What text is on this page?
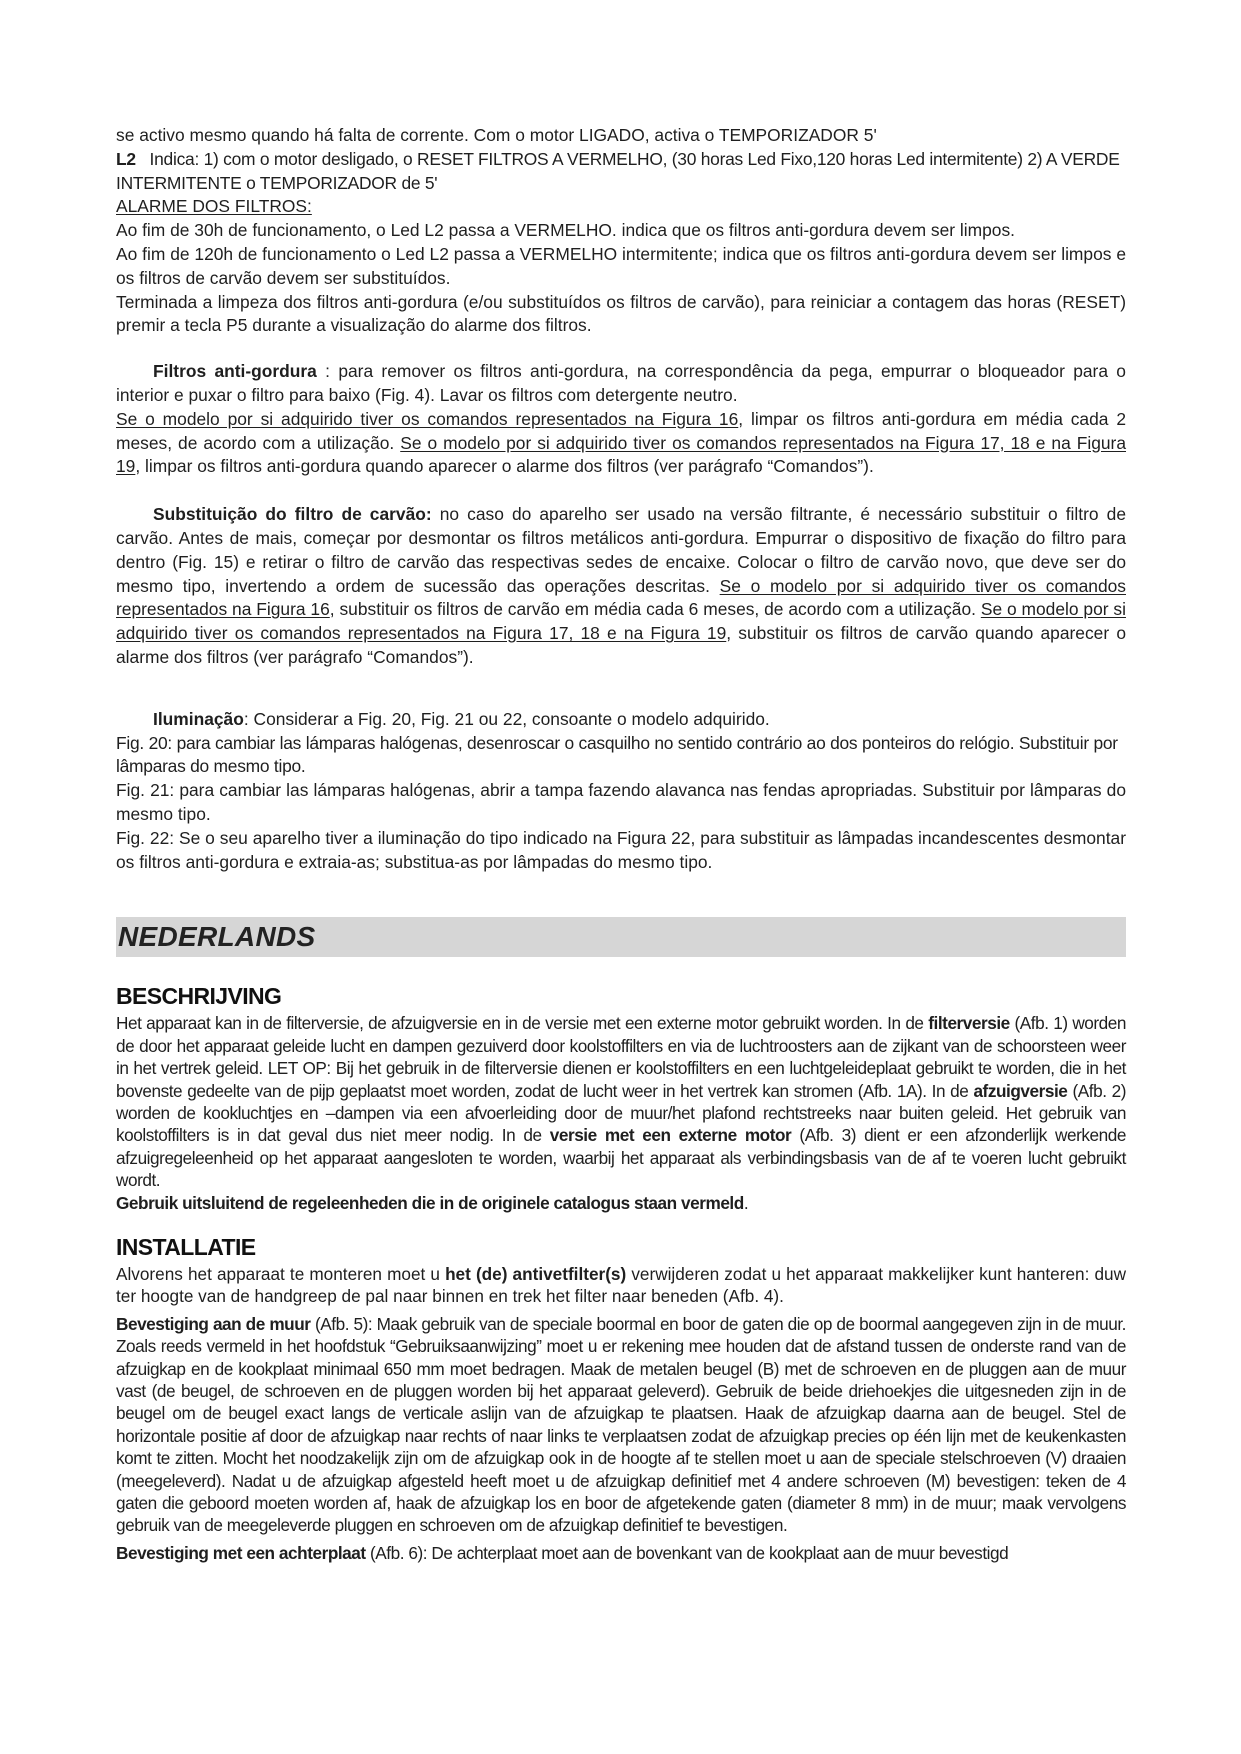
se activo mesmo quando há falta de corrente. Com o motor LIGADO, activa o TEMPORIZADOR 5'

L2 Indica: 1) com o motor desligado, o RESET FILTROS A VERMELHO, (30 horas Led Fixo,120 horas Led intermitente) 2) A VERDE INTERMITENTE o TEMPORIZADOR de 5'

ALARME DOS FILTROS:

Ao fim de 30h de funcionamento, o Led L2 passa a VERMELHO. indica que os filtros anti-gordura devem ser limpos.

Ao fim de 120h de funcionamento o Led L2 passa a VERMELHO intermitente; indica que os filtros anti-gordura devem ser limpos e os filtros de carvão devem ser substituídos.

Terminada a limpeza dos filtros anti-gordura (e/ou substituídos os filtros de carvão), para reiniciar a contagem das horas (RESET) premir a tecla P5 durante a visualização do alarme dos filtros.

Filtros anti-gordura : para remover os filtros anti-gordura, na correspondência da pega, empurrar o bloqueador para o interior e puxar o filtro para baixo (Fig. 4). Lavar os filtros com detergente neutro.
Se o modelo por si adquirido tiver os comandos representados na Figura 16, limpar os filtros anti-gordura em média cada 2 meses, de acordo com a utilização. Se o modelo por si adquirido tiver os comandos representados na Figura 17, 18 e na Figura 19, limpar os filtros anti-gordura quando aparecer o alarme dos filtros (ver parágrafo “Comandos”).

Substituição do filtro de carvão: no caso do aparelho ser usado na versão filtrante, é necessário substituir o filtro de carvão. Antes de mais, começar por desmontar os filtros metálicos anti-gordura. Empurrar o dispositivo de fixação do filtro para dentro (Fig. 15) e retirar o filtro de carvão das respectivas sedes de encaixe. Colocar o filtro de carvão novo, que deve ser do mesmo tipo, invertendo a ordem de sucessão das operações descritas. Se o modelo por si adquirido tiver os comandos representados na Figura 16, substituir os filtros de carvão em média cada 6 meses, de acordo com a utilização. Se o modelo por si adquirido tiver os comandos representados na Figura 17, 18 e na Figura 19, substituir os filtros de carvão quando aparecer o alarme dos filtros (ver parágrafo “Comandos”).

Iluminação: Considerar a Fig. 20, Fig. 21 ou 22, consoante o modelo adquirido.

Fig. 20: para cambiar las lámparas halógenas, desenroscar o casquilho no sentido contrário ao dos ponteiros do relógio. Substituir por lâmparas do mesmo tipo.

Fig. 21: para cambiar las lámparas halógenas, abrir a tampa fazendo alavanca nas fendas apropriadas. Substituir por lâmparas do mesmo tipo.

Fig. 22: Se o seu aparelho tiver a iluminação do tipo indicado na Figura 22, para substituir as lâmpadas incandescentes desmontar os filtros anti-gordura e extraia-as; substitua-as por lâmpadas do mesmo tipo.

NEDERLANDS
BESCHRIJVING

Het apparaat kan in de filterversie, de afzuigversie en in de versie met een externe motor gebruikt worden. In de filterversie (Afb. 1) worden de door het apparaat geleide lucht en dampen gezuiverd door koolstoffilters en via de luchtroosters aan de zijkant van de schoorsteen weer in het vertrek geleid. LET OP: Bij het gebruik in de filterversie dienen er koolstoffilters en een luchtgeleideplaat gebruikt te worden, die in het bovenste gedeelte van de pijp geplaatst moet worden, zodat de lucht weer in het vertrek kan stromen (Afb. 1A). In de afzuigversie (Afb. 2) worden de kookluchtjes en –dampen via een afvoerleiding door de muur/het plafond rechtstreeks naar buiten geleid. Het gebruik van koolstoffilters is in dat geval dus niet meer nodig. In de versie met een externe motor (Afb. 3) dient er een afzonderlijk werkende afzuigregeleenheid op het apparaat aangesloten te worden, waarbij het apparaat als verbindingsbasis van de af te voeren lucht gebruikt wordt.
Gebruik uitsluitend de regeleenheden die in de originele catalogus staan vermeld.

INSTALLATIE

Alvorens het apparaat te monteren moet u het (de) antivetfilter(s) verwijderen zodat u het apparaat makkelijker kunt hanteren: duw ter hoogte van de handgreep de pal naar binnen en trek het filter naar beneden (Afb. 4).

Bevestiging aan de muur (Afb. 5): Maak gebruik van de speciale boormal en boor de gaten die op de boormal aangegeven zijn in de muur. Zoals reeds vermeld in het hoofdstuk “Gebruiksaanwijzing” moet u er rekening mee houden dat de afstand tussen de onderste rand van de afzuigkap en de kookplaat minimaal 650 mm moet bedragen. Maak de metalen beugel (B) met de schroeven en de pluggen aan de muur vast (de beugel, de schroeven en de pluggen worden bij het apparaat geleverd). Gebruik de beide driehoekjes die uitgesneden zijn in de beugel om de beugel exact langs de verticale aslijn van de afzuigkap te plaatsen. Haak de afzuigkap daarna aan de beugel. Stel de horizontale positie af door de afzuigkap naar rechts of naar links te verplaatsen zodat de afzuigkap precies op één lijn met de keukenkasten komt te zitten. Mocht het noodzakelijk zijn om de afzuigkap ook in de hoogte af te stellen moet u aan de speciale stelschroeven (V) draaien (meegeleverd). Nadat u de afzuigkap afgesteld heeft moet u de afzuigkap definitief met 4 andere schroeven (M) bevestigen: teken de 4 gaten die geboord moeten worden af, haak de afzuigkap los en boor de afgetekende gaten (diameter 8 mm) in de muur; maak vervolgens gebruik van de meegeleverde pluggen en schroeven om de afzuigkap definitief te bevestigen.

Bevestiging met een achterplaat (Afb. 6): De achterplaat moet aan de bovenkant van de kookplaat aan de muur bevestigd
